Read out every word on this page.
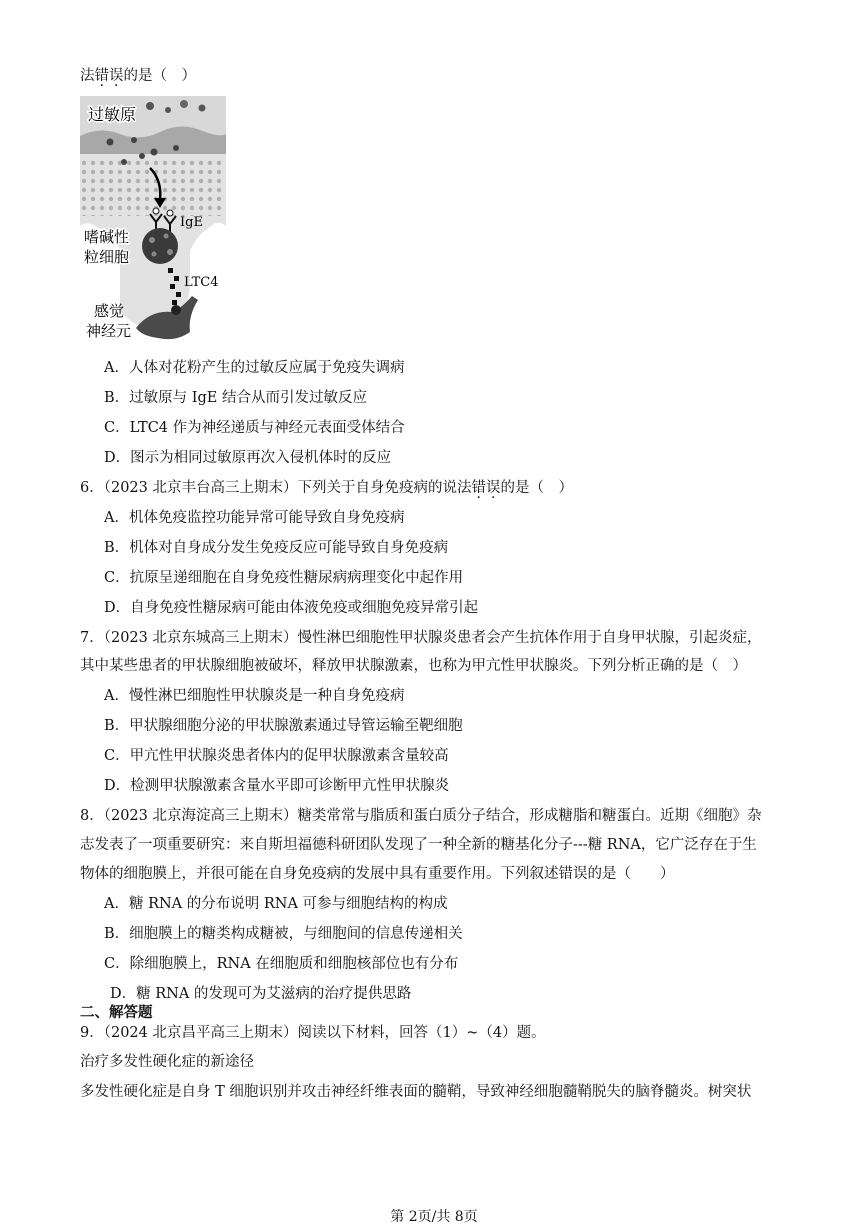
法错误的是（　）
过敏原
IgE
嗜碱性
粒细胞
LTC4
感觉
神经元
A．人体对花粉产生的过敏反应属于免疫失调病
B．过敏原与 IgE 结合从而引发过敏反应
C．LTC4 作为神经递质与神经元表面受体结合
D．图示为相同过敏原再次入侵机体时的反应
6．（2023 北京丰台高三上期末）下列关于自身免疫病的说法错误的是（　）
A．机体免疫监控功能异常可能导致自身免疫病
B．机体对自身成分发生免疫反应可能导致自身免疫病
C．抗原呈递细胞在自身免疫性糖尿病病理变化中起作用
D．自身免疫性糖尿病可能由体液免疫或细胞免疫异常引起
7．（2023 北京东城高三上期末）慢性淋巴细胞性甲状腺炎患者会产生抗体作用于自身甲状腺，引起炎症，
其中某些患者的甲状腺细胞被破坏，释放甲状腺激素，也称为甲亢性甲状腺炎。下列分析正确的是（　）
A．慢性淋巴细胞性甲状腺炎是一种自身免疫病
B．甲状腺细胞分泌的甲状腺激素通过导管运输至靶细胞
C．甲亢性甲状腺炎患者体内的促甲状腺激素含量较高
D．检测甲状腺激素含量水平即可诊断甲亢性甲状腺炎
8．（2023 北京海淀高三上期末）糖类常常与脂质和蛋白质分子结合，形成糖脂和糖蛋白。近期《细胞》杂
志发表了一项重要研究：来自斯坦福德科研团队发现了一种全新的糖基化分子---糖 RNA，它广泛存在于生
物体的细胞膜上，并很可能在自身免疫病的发展中具有重要作用。下列叙述错误的是（　　）
A．糖 RNA 的分布说明 RNA 可参与细胞结构的构成
B．细胞膜上的糖类构成糖被，与细胞间的信息传递相关
C．除细胞膜上，RNA 在细胞质和细胞核部位也有分布
D．糖 RNA 的发现可为艾滋病的治疗提供思路
二、解答题
9．（2024 北京昌平高三上期末）阅读以下材料，回答（1）~（4）题。
治疗多发性硬化症的新途径
多发性硬化症是自身 T 细胞识别并攻击神经纤维表面的髓鞘，导致神经细胞髓鞘脱失的脑脊髓炎。树突状
第 2页/共 8页
